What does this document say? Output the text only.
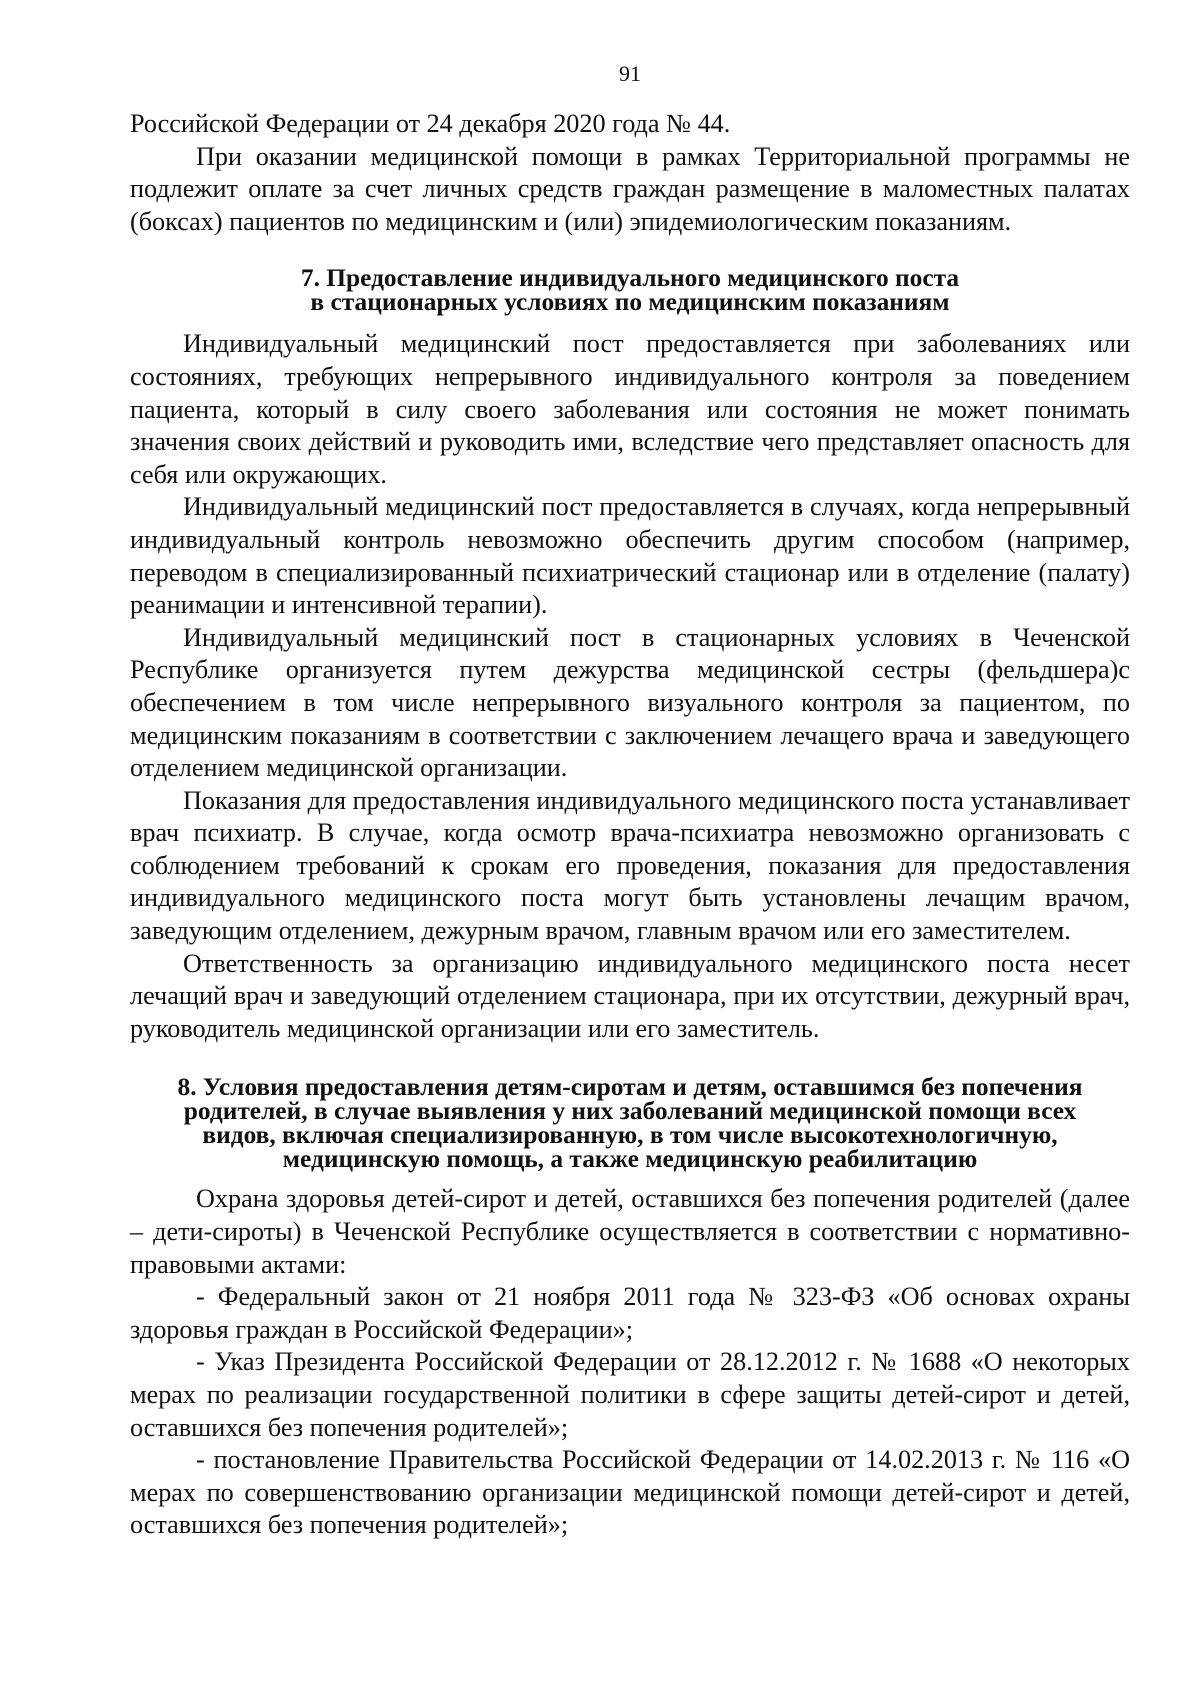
91

Российской Федерации от 24 декабря 2020 года № 44.

При оказании медицинской помощи в рамках Территориальной программы не подлежит оплате за счет личных средств граждан размещение в маломестных палатах (боксах) пациентов по медицинским и (или) эпидемиологическим показаниям.

7. Предоставление индивидуального медицинского поста
в стационарных условиях по медицинским показаниям

Индивидуальный медицинский пост предоставляется при заболеваниях или состояниях, требующих непрерывного индивидуального контроля за поведением пациента, который в силу своего заболевания или состояния не может понимать значения своих действий и руководить ими, вследствие чего представляет опасность для себя или окружающих.

Индивидуальный медицинский пост предоставляется в случаях, когда непрерывный индивидуальный контроль невозможно обеспечить другим способом (например, переводом в специализированный психиатрический стационар или в отделение (палату) реанимации и интенсивной терапии).

Индивидуальный медицинский пост в стационарных условиях в Чеченской Республике организуется путем дежурства медицинской сестры (фельдшера)с обеспечением в том числе непрерывного визуального контроля за пациентом, по медицинским показаниям в соответствии с заключением лечащего врача и заведующего отделением медицинской организации.

Показания для предоставления индивидуального медицинского поста устанавливает врач психиатр. В случае, когда осмотр врача-психиатра невозможно организовать с соблюдением требований к срокам его проведения, показания для предоставления индивидуального медицинского поста могут быть установлены лечащим врачом, заведующим отделением, дежурным врачом, главным врачом или его заместителем.

Ответственность за организацию индивидуального медицинского поста несет лечащий врач и заведующий отделением стационара, при их отсутствии, дежурный врач, руководитель медицинской организации или его заместитель.

8. Условия предоставления детям-сиротам и детям, оставшимся без попечения
родителей, в случае выявления у них заболеваний медицинской помощи всех
видов, включая специализированную, в том числе высокотехнологичную,
медицинскую помощь, а также медицинскую реабилитацию

Охрана здоровья детей-сирот и детей, оставшихся без попечения родителей (далее – дети-сироты) в Чеченской Республике осуществляется в соответствии с нормативно-правовыми актами:

- Федеральный закон от 21 ноября 2011 года № 323-ФЗ «Об основах охраны здоровья граждан в Российской Федерации»;

- Указ Президента Российской Федерации от 28.12.2012 г. № 1688 «О некоторых мерах по реализации государственной политики в сфере защиты детей-сирот и детей, оставшихся без попечения родителей»;

- постановление Правительства Российской Федерации от 14.02.2013 г. № 116 «О мерах по совершенствованию организации медицинской помощи детей-сирот и детей, оставшихся без попечения родителей»;
